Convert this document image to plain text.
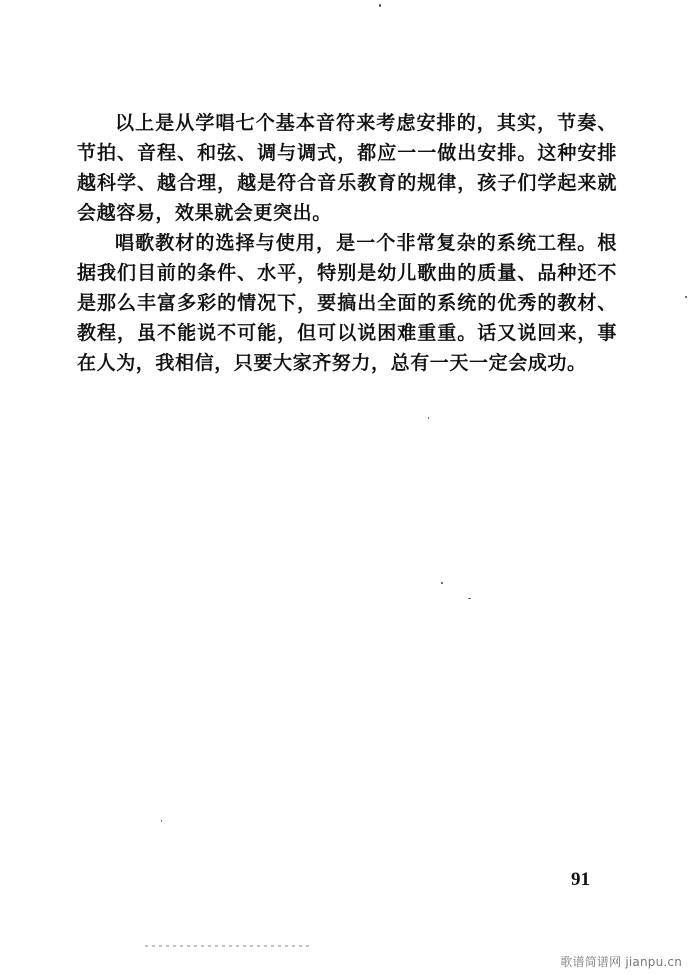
以上是从学唱七个基本音符来考虑安排的，其实，节奏、节拍、音程、和弦、调与调式，都应一一做出安排。这种安排越科学、越合理，越是符合音乐教育的规律，孩子们学起来就会越容易，效果就会更突出。

唱歌教材的选择与使用，是一个非常复杂的系统工程。根据我们目前的条件、水平，特别是幼儿歌曲的质量、品种还不是那么丰富多彩的情况下，要搞出全面的系统的优秀的教材、教程，虽不能说不可能，但可以说困难重重。话又说回来，事在人为，我相信，只要大家齐努力，总有一天一定会成功。

91
歌谱简谱网 jianpu.cn
